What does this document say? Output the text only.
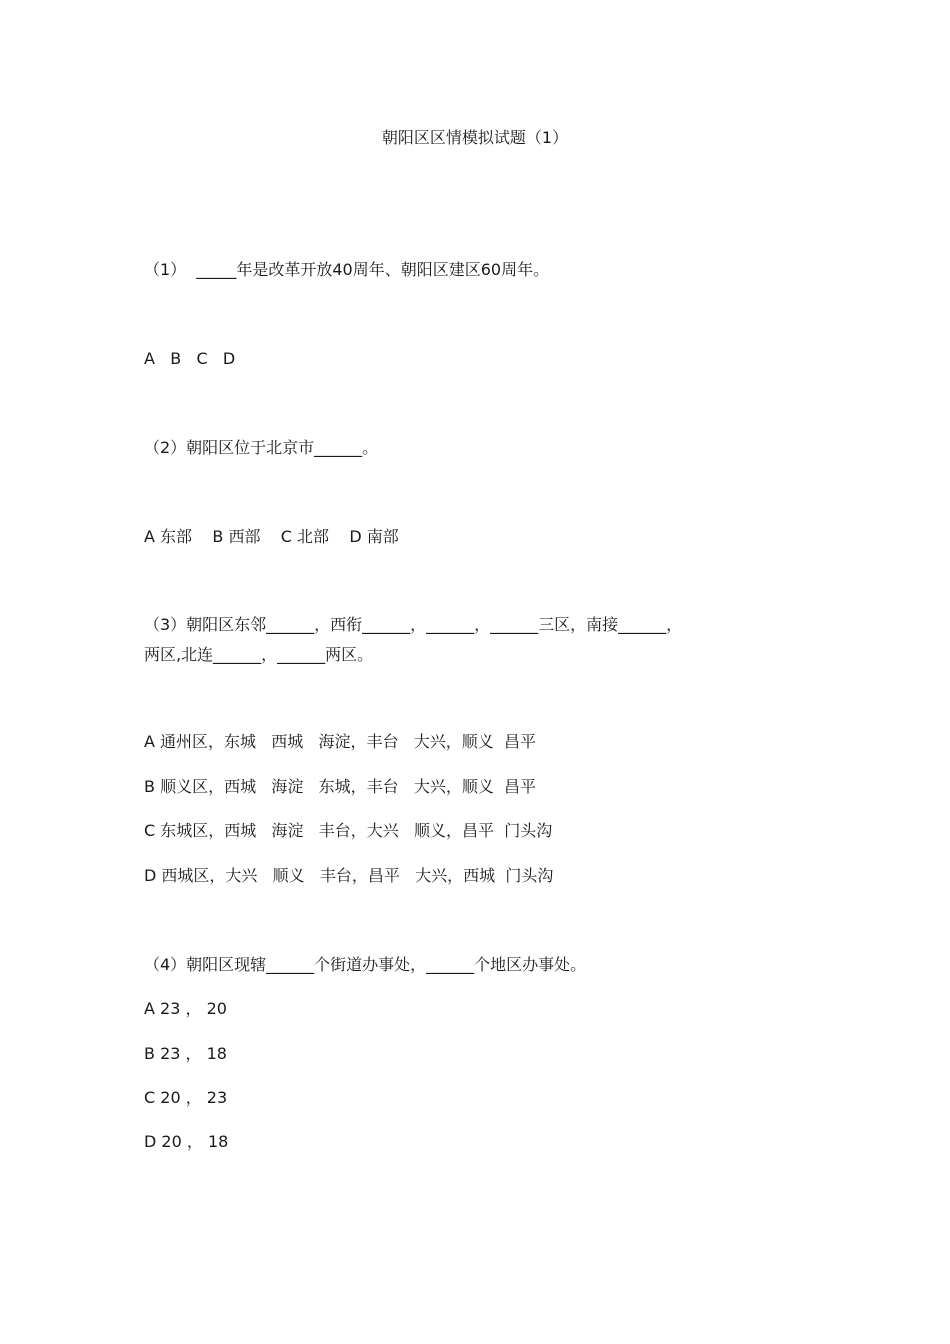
朝阳区区情模拟试题（1）
（1）  _____年是改革开放40周年、朝阳区建区60周年。
A   B   C   D
（2）朝阳区位于北京市______。
A 东部    B 西部    C 北部    D 南部
（3）朝阳区东邻______，西衔______，______，______三区，南接______，
两区,北连______，______两区。
A 通州区，东城   西城   海淀，丰台   大兴，顺义  昌平
B 顺义区，西城   海淀   东城，丰台   大兴，顺义  昌平
C 东城区，西城   海淀   丰台，大兴   顺义，昌平  门头沟
D 西城区，大兴   顺义   丰台，昌平   大兴，西城  门头沟
（4）朝阳区现辖______个街道办事处，______个地区办事处。
A 23 ， 20
B 23 ， 18
C 20 ， 23
D 20 ， 18
